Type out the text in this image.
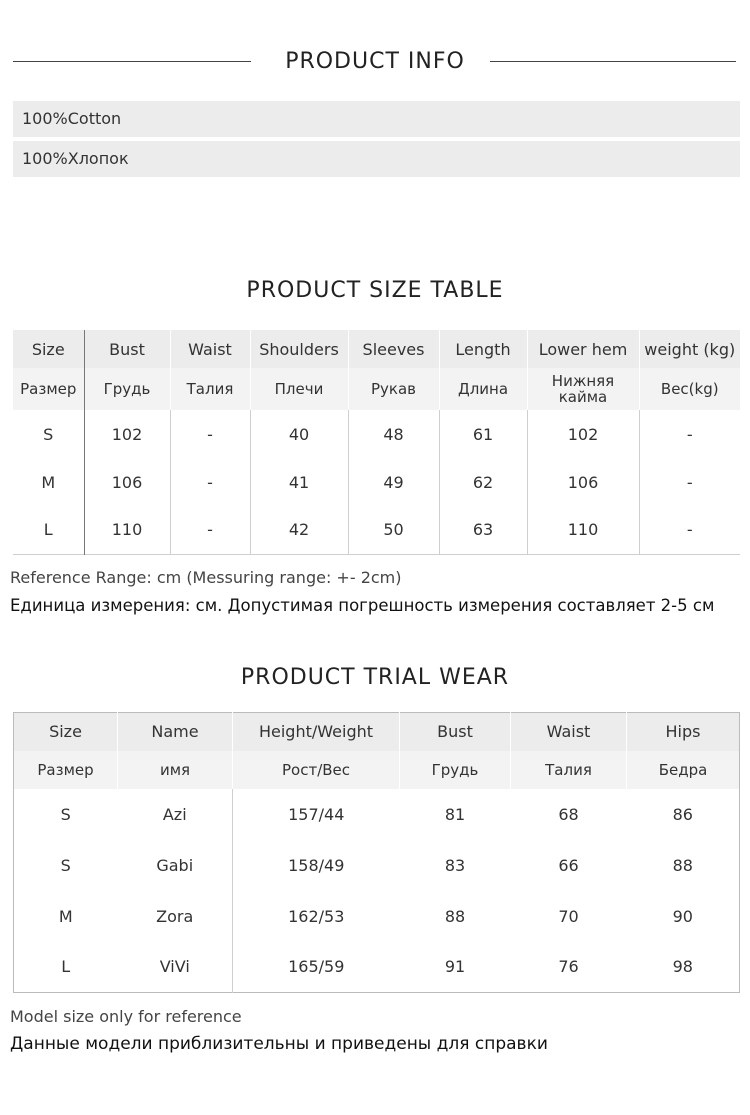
PRODUCT INFO
100%Cotton
100%Хлопок
PRODUCT SIZE TABLE
Size	Bust	Waist	Shoulders	Sleeves	Length	Lower hem	weight (kg)
Размер	Грудь	Талия	Плечи	Рукав	Длина	Нижняя кайма	Вес(kg)
S	102	-	40	48	61	102	-
M	106	-	41	49	62	106	-
L	110	-	42	50	63	110	-
Reference Range: cm (Messuring range: +- 2cm)
Единица измерения: см. Допустимая погрешность измерения составляет 2-5 см
PRODUCT TRIAL WEAR
Size	Name	Height/Weight	Bust	Waist	Hips
Размер	имя	Рост/Вес	Грудь	Талия	Бедра
S	Azi	157/44	81	68	86
S	Gabi	158/49	83	66	88
M	Zora	162/53	88	70	90
L	ViVi	165/59	91	76	98
Model size only for reference
Данные модели приблизительны и приведены для справки
